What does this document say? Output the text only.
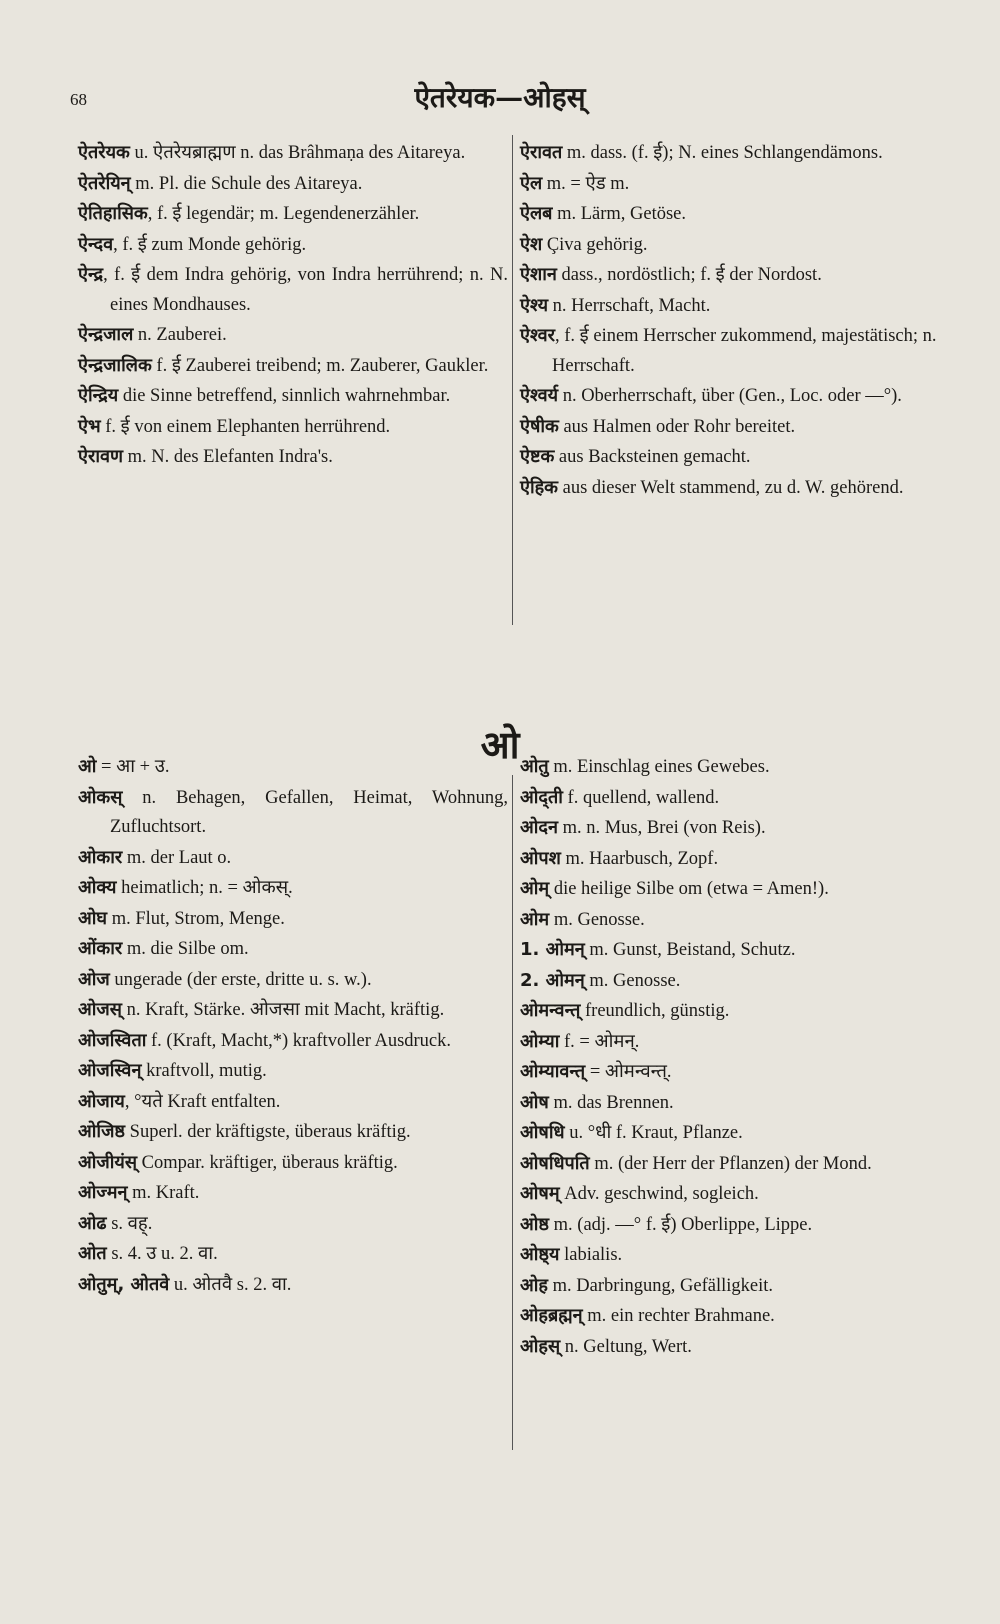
68	ऐतरेयक—ओहस्

ऐतरेयक u. ऐतरेयब्राह्मण n. das Brâhmaṇa des Aitareya.

ऐतरेयिन् m. Pl. die Schule des Aitareya.

ऐतिहासिक, f. ई legendär; m. Legendenerzähler.

ऐन्दव, f. ई zum Monde gehörig.

ऐन्द्र, f. ई dem Indra gehörig, von Indra herrührend; n. N. eines Mondhauses.

ऐन्द्रजाल n. Zauberei.

ऐन्द्रजालिक f. ई Zauberei treibend; m. Zauberer, Gaukler.

ऐन्द्रिय die Sinne betreffend, sinnlich wahrnehmbar.

ऐभ f. ई von einem Elephanten herrührend.

ऐरावण m. N. des Elefanten Indra's.

ऐरावत m. dass. (f. ई); N. eines Schlangendämons.

ऐल m. = ऐड m.

ऐलब m. Lärm, Getöse.

ऐश Çiva gehörig.

ऐशान dass., nordöstlich; f. ई der Nordost.

ऐश्य n. Herrschaft, Macht.

ऐश्वर, f. ई einem Herrscher zukommend, majestätisch; n. Herrschaft.

ऐश्वर्य n. Oberherrschaft, über (Gen., Loc. oder —°).

ऐषीक aus Halmen oder Rohr bereitet.

ऐष्टक aus Backsteinen gemacht.

ऐहिक aus dieser Welt stammend, zu d. W. gehörend.

ओ

ओ = आ + उ.

ओकस् n. Behagen, Gefallen, Heimat, Wohnung, Zufluchtsort.

ओकार m. der Laut o.

ओक्य heimatlich; n. = ओकस्.

ओघ m. Flut, Strom, Menge.

ओंकार m. die Silbe om.

ओज ungerade (der erste, dritte u. s. w.).

ओजस् n. Kraft, Stärke. ओजसा mit Macht, kräftig.

ओजस्विता f. (Kraft, Macht,*) kraftvoller Ausdruck.

ओजस्विन् kraftvoll, mutig.

ओजाय, °यते Kraft entfalten.

ओजिष्ठ Superl. der kräftigste, überaus kräftig.

ओजीयंस् Compar. kräftiger, überaus kräftig.

ओज्मन् m. Kraft.

ओढ s. वह्.

ओत s. 4. उ u. 2. वा.

ओतुम्, ओतवे u. ओतवै s. 2. वा.

ओतु m. Einschlag eines Gewebes.

ओद्ती f. quellend, wallend.

ओदन m. n. Mus, Brei (von Reis).

ओपश m. Haarbusch, Zopf.

ओम् die heilige Silbe om (etwa = Amen!).

ओम m. Genosse.

1. ओमन् m. Gunst, Beistand, Schutz.

2. ओमन् m. Genosse.

ओमन्वन्त् freundlich, günstig.

ओम्या f. = ओमन्.

ओम्यावन्त् = ओमन्वन्त्.

ओष m. das Brennen.

ओषधि u. °धी f. Kraut, Pflanze.

ओषधिपति m. (der Herr der Pflanzen) der Mond.

ओषम् Adv. geschwind, sogleich.

ओष्ठ m. (adj. —° f. ई) Oberlippe, Lippe.

ओष्ठ्य labialis.

ओह m. Darbringung, Gefälligkeit.

ओहब्रह्मन् m. ein rechter Brahmane.

ओहस् n. Geltung, Wert.
